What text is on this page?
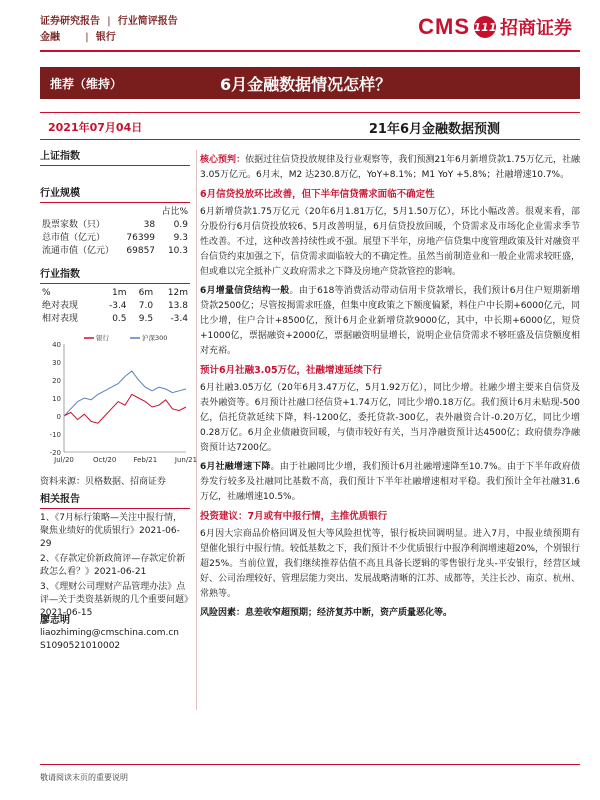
证券研究报告 | 行业简评报告
金融	| 银行	CMS 111 招商证券
推荐（维持）	6月金融数据情况怎样？
2021年07月04日	21年6月金融数据预测
上证指数
行业规模
		占比%
股票家数（只）	38	0.9
总市值（亿元）	76399	9.3
流通市值（亿元）	69857	10.3
行业指数
%	1m	6m	12m
绝对表现	-3.4	7.0	13.8
相对表现	0.5	9.5	-3.4
40
30
20
10
0
-10
-20
Jul/20	Oct/20 Feb/21	Jun/21
银行	沪深300
资料来源：贝格数据、招商证券
相关报告
1、《7月标行策略—关注中报行情，聚焦业绩好的优质银行》2021-06-29
2、《存款定价新政简评—存款定价新政怎么看？》2021-06-21
3、《理财公司理财产品管理办法》点评—关于类资基新规的几个重要问题》2021-06-15
廖志明
liaozhiming@cmschina.com.cn
S1090521010002

核心预判：依据过往信贷投放规律及行业观察等，我们预测21年6月新增贷款1.75万亿元，社融3.05万亿元。6月末，M2 达230.8万亿，YoY+8.1%；M1 YoY +5.8%；社融增速10.7%。

6月信贷投放环比改善，但下半年信贷需求面临不确定性

6月新增贷款1.75万亿元（20年6月1.81万亿，5月1.50万亿），环比小幅改善。很观来看，部分股份行6月信贷投放较6、5月改善明显，6月信贷投放回暖，个贷需求及市场化企业需求季节性改善。不过，这种改善持续性或不强。展望下半年，房地产信贷集中度管理政策及针对融资平台信贷约束加强之下，信贷需求面临较大的不确定性。虽然当前制造业和一般企业需求较旺盛，但或难以完全抵补广义政府需求之下降及房地产贷款管控的影响。

6月增量信贷结构一般。由于618等消费活动带动信用卡贷款增长，我们预计6月住户短期新增贷款2500亿；尽管按揭需求旺盛，但集中度政策之下额度偏紧，料住户中长期+6000亿元，同比少增，住户合计+8500亿，预计6月企业新增贷款9000亿，其中，中长期+6000亿，短贷+1000亿，票据融资+2000亿，票据融资明显增长，说明企业信贷需求不够旺盛及信贷额度相对充裕。

预计6月社融3.05万亿，社融增速延续下行

6月社融3.05万亿（20年6月3.47万亿，5月1.92万亿），同比少增。社融少增主要来自信贷及表外融资等。6月预计社融口径信贷+1.74万亿，同比少增0.18万亿。我们预计6月未贴现-500亿，信托贷款延续下降，料-1200亿，委托贷款-300亿，表外融资合计-0.20万亿，同比少增0.28万亿。6月企业债融资回暖，与债市较好有关，当月净融资预计达4500亿；政府债券净融资预计达7200亿。

6月社融增速下降。由于社融同比少增，我们预计6月社融增速降至10.7%。由于下半年政府债券发行较多及社融同比基数不高，我们预计下半年社融增速相对平稳。我们预计全年社融31.6万亿，社融增速10.5%。

投资建议：7月或有中报行情，主推优质银行

6月因大宗商品价格回调及恒大等风险担忧等，银行板块回调明显。进入7月，中报业绩预期有望催化银行中报行情。较低基数之下，我们预计不少优质银行中报净利润增速超20%，个别银行超25%。当前位置，我们继续推荐估值不高且具备长逻辑的零售银行龙头-平安银行，经营区域好、公司治理较好、管理层能力突出、发展战略清晰的江苏、成都等，关注长沙、南京、杭州、常熟等。

风险因素：息差收窄超预期；经济复苏中断，资产质量恶化等。

敬请阅读末页的重要说明
